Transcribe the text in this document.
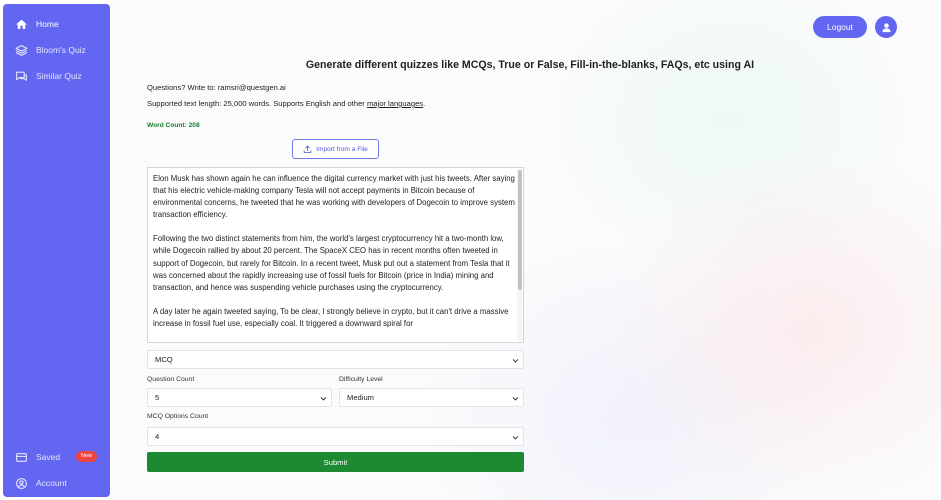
Home
Bloom's Quiz
Similar Quiz
Saved	New
Account
Logout
Generate different quizzes like MCQs, True or False, Fill-in-the-blanks, FAQs, etc using AI
Questions? Write to: ramsri@questgen.ai
Supported text length: 25,000 words. Supports English and other major languages.
Word Count: 208
Import from a File

Elon Musk has shown again he can influence the digital currency market with just his tweets. After saying that his electric vehicle-making company Tesla will not accept payments in Bitcoin because of environmental concerns, he tweeted that he was working with developers of Dogecoin to improve system transaction efficiency.

Following the two distinct statements from him, the world's largest cryptocurrency hit a two-month low, while Dogecoin rallied by about 20 percent. The SpaceX CEO has in recent months often tweeted in support of Dogecoin, but rarely for Bitcoin. In a recent tweet, Musk put out a statement from Tesla that it was concerned about the rapidly increasing use of fossil fuels for Bitcoin (price in India) mining and transaction, and hence was suspending vehicle purchases using the cryptocurrency.

A day later he again tweeted saying, To be clear, I strongly believe in crypto, but it can't drive a massive increase in fossil fuel use, especially coal. It triggered a downward spiral for

MCQ
Question Count
5
Difficulty Level
Medium
MCQ Options Count
4
Submit
